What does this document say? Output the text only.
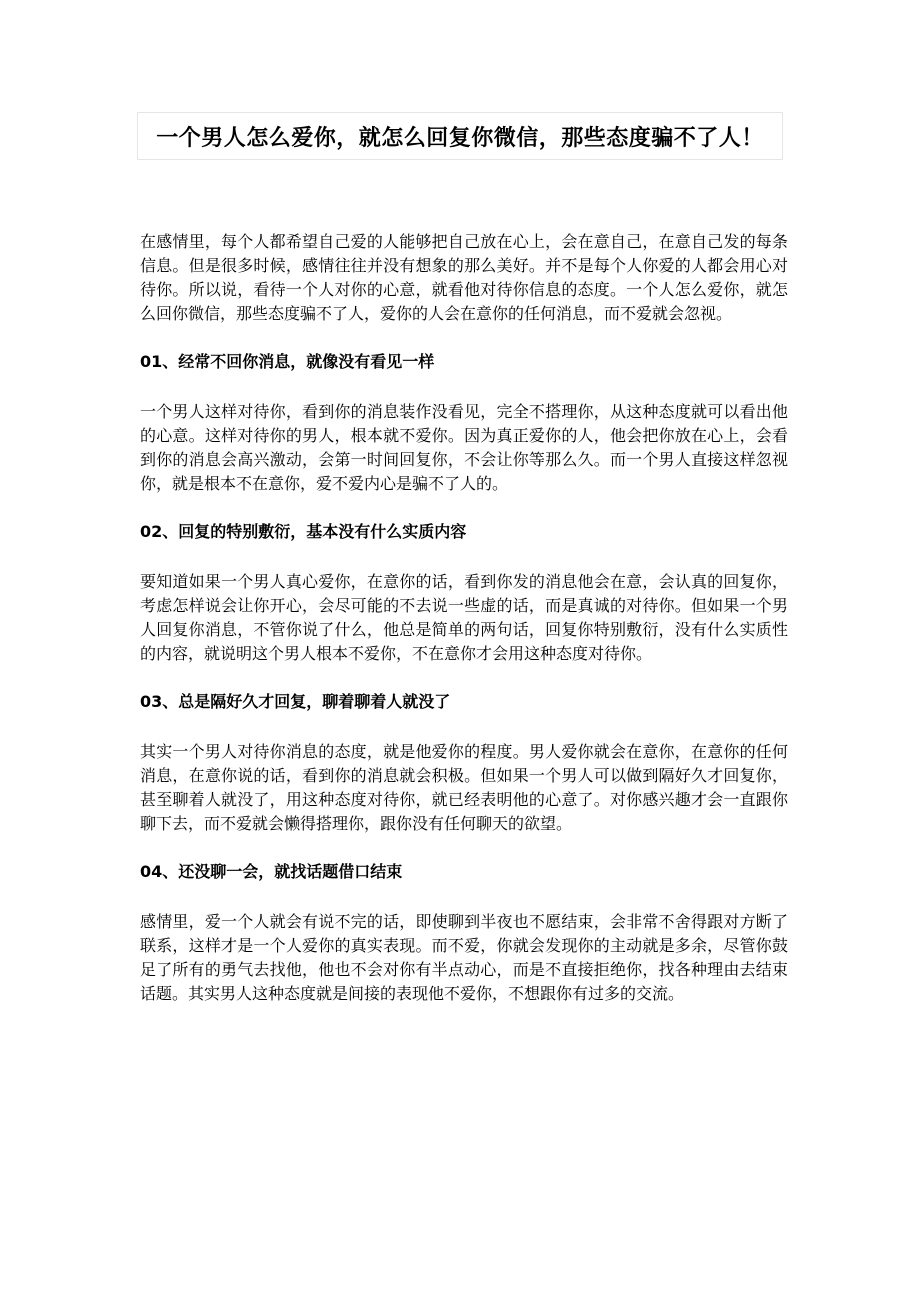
一个男人怎么爱你，就怎么回复你微信，那些态度骗不了人！

在感情里，每个人都希望自己爱的人能够把自己放在心上，会在意自己，在意自己发的每条信息。但是很多时候，感情往往并没有想象的那么美好。并不是每个人你爱的人都会用心对待你。所以说，看待一个人对你的心意，就看他对待你信息的态度。一个人怎么爱你，就怎么回你微信，那些态度骗不了人，爱你的人会在意你的任何消息，而不爱就会忽视。

01、经常不回你消息，就像没有看见一样

一个男人这样对待你，看到你的消息装作没看见，完全不搭理你，从这种态度就可以看出他的心意。这样对待你的男人，根本就不爱你。因为真正爱你的人，他会把你放在心上，会看到你的消息会高兴激动，会第一时间回复你，不会让你等那么久。而一个男人直接这样忽视你，就是根本不在意你，爱不爱内心是骗不了人的。

02、回复的特别敷衍，基本没有什么实质内容

要知道如果一个男人真心爱你，在意你的话，看到你发的消息他会在意，会认真的回复你，考虑怎样说会让你开心，会尽可能的不去说一些虚的话，而是真诚的对待你。但如果一个男人回复你消息，不管你说了什么，他总是简单的两句话，回复你特别敷衍，没有什么实质性的内容，就说明这个男人根本不爱你，不在意你才会用这种态度对待你。

03、总是隔好久才回复，聊着聊着人就没了

其实一个男人对待你消息的态度，就是他爱你的程度。男人爱你就会在意你，在意你的任何消息，在意你说的话，看到你的消息就会积极。但如果一个男人可以做到隔好久才回复你，甚至聊着人就没了，用这种态度对待你，就已经表明他的心意了。对你感兴趣才会一直跟你聊下去，而不爱就会懒得搭理你，跟你没有任何聊天的欲望。

04、还没聊一会，就找话题借口结束

感情里，爱一个人就会有说不完的话，即使聊到半夜也不愿结束，会非常不舍得跟对方断了联系，这样才是一个人爱你的真实表现。而不爱，你就会发现你的主动就是多余，尽管你鼓足了所有的勇气去找他，他也不会对你有半点动心，而是不直接拒绝你，找各种理由去结束话题。其实男人这种态度就是间接的表现他不爱你，不想跟你有过多的交流。
